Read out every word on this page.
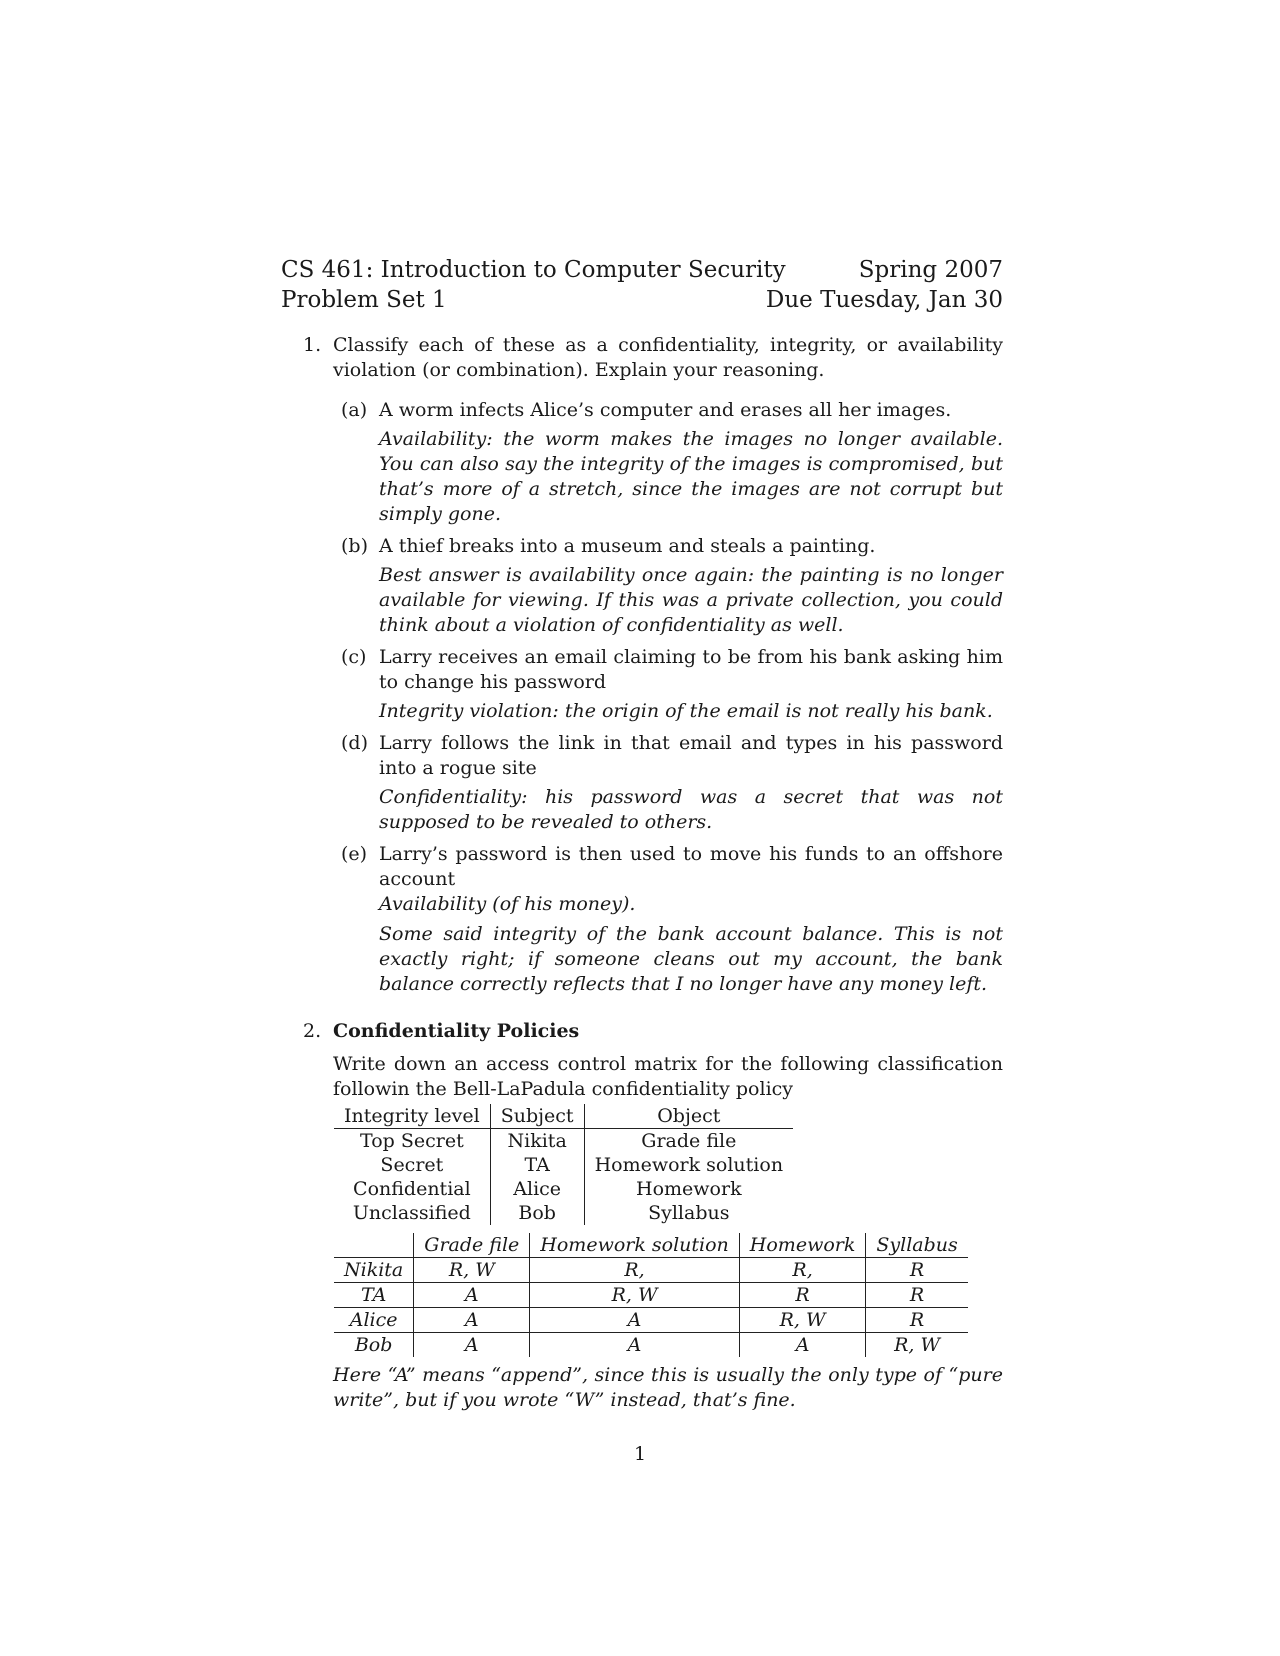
CS 461: Introduction to Computer Security	Spring 2007
Problem Set 1	Due Tuesday, Jan 30
1. Classify each of these as a confidentiality, integrity, or availability violation (or combination). Explain your reasoning.
(a) A worm infects Alice’s computer and erases all her images.
Availability: the worm makes the images no longer available. You can also say the integrity of the images is compromised, but that’s more of a stretch, since the images are not corrupt but simply gone.
(b) A thief breaks into a museum and steals a painting.
Best answer is availability once again: the painting is no longer available for viewing. If this was a private collection, you could think about a violation of confidentiality as well.
(c) Larry receives an email claiming to be from his bank asking him to change his password
Integrity violation: the origin of the email is not really his bank.
(d) Larry follows the link in that email and types in his password into a rogue site
Confidentiality: his password was a secret that was not supposed to be revealed to others.
(e) Larry’s password is then used to move his funds to an offshore account
Availability (of his money).
Some said integrity of the bank account balance. This is not exactly right; if someone cleans out my account, the bank balance correctly reflects that I no longer have any money left.
2. Confidentiality Policies
Write down an access control matrix for the following classification followin the Bell-LaPadula confidentiality policy
Integrity level	Subject	Object
Top Secret	Nikita	Grade file
Secret	TA	Homework solution
Confidential	Alice	Homework
Unclassified	Bob	Syllabus
	Grade file	Homework solution	Homework	Syllabus
Nikita	R, W	R,	R,	R
TA	A	R, W	R	R
Alice	A	A	R, W	R
Bob	A	A	A	R, W
Here “A” means “append”, since this is usually the only type of “pure write”, but if you wrote “W” instead, that’s fine.
1
